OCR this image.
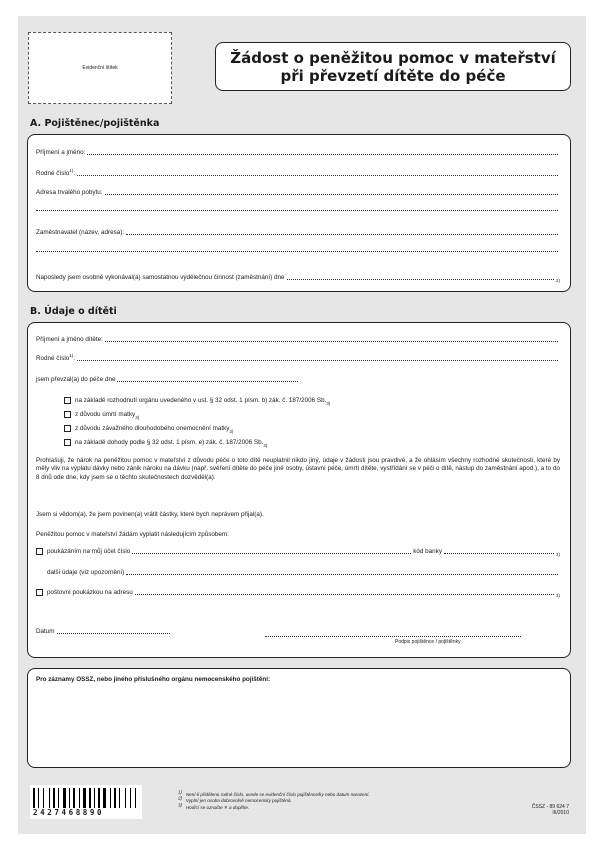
Evidenční štítek
Žádost o peněžitou pomoc v mateřství
při převzetí dítěte do péče
A. Pojištěnec/pojištěnka
Příjmení a jméno:
Rodné číslo$^{1)}$:
Adresa trvalého pobytu:
Zaměstnavatel (název, adresa):
Naposledy jsem osobně vykonával(a) samostatnou výdělečnou činnost (zaměstnání) dne	2)
B. Údaje o dítěti
Příjmení a jméno dítěte:
Rodné číslo$^{1)}$:
jsem převzal(a) do péče dne
na základě rozhodnutí orgánu uvedeného v ust. § 32 odst. 1 písm. b) zák. č. 187/2006 Sb. 3)
z důvodu úmrtí matky 3)
z důvodu závažného dlouhodobého onemocnění matky 3)
na základě dohody podle § 32 odst. 1 písm. e) zák. č. 187/2006 Sb. 3)
Prohlašuji, že nárok na peněžitou pomoc v mateřství z důvodu péče o toto dítě neuplatnil nikdo jiný, údaje v žádosti jsou pravdivé, a že ohlásím všechny rozhodné skutečnosti, které by měly vliv na výplatu dávky nebo zánik nároku na dávku (např. svěření dítěte do péče jiné osoby, ústavní péče, úmrtí dítěte, vystřídání se v péči o dítě, nástup do zaměstnání apod.), a to do 8 dnů ode dne, kdy jsem se o těchto skutečnostech dozvěděl(a).
Jsem si vědom(a), že jsem povinen(a) vrátit částky, které bych neprávem přijal(a).
Peněžitou pomoc v mateřství žádám vyplatit následujícím způsobem:
poukázáním na můj účet číslo	kód banky	3)
další údaje (viz upozornění)
poštovní poukázkou na adresu	3)
Datum
Podpis pojištěnce / pojištěnky
Pro záznamy OSSZ, nebo jiného příslušného orgánu nemocenského pojištění:
2427468890
1)   Není-li přiděleno rodné číslo, uvede se evidenční číslo pojištěnce/ky nebo datum narození.
2)   Vyplní jen osoba dobrovolně nemocensky pojištěná.
3)   Hodící se označte ✕ a doplňte.	ČSSZ - 89 624 7
III/2010
